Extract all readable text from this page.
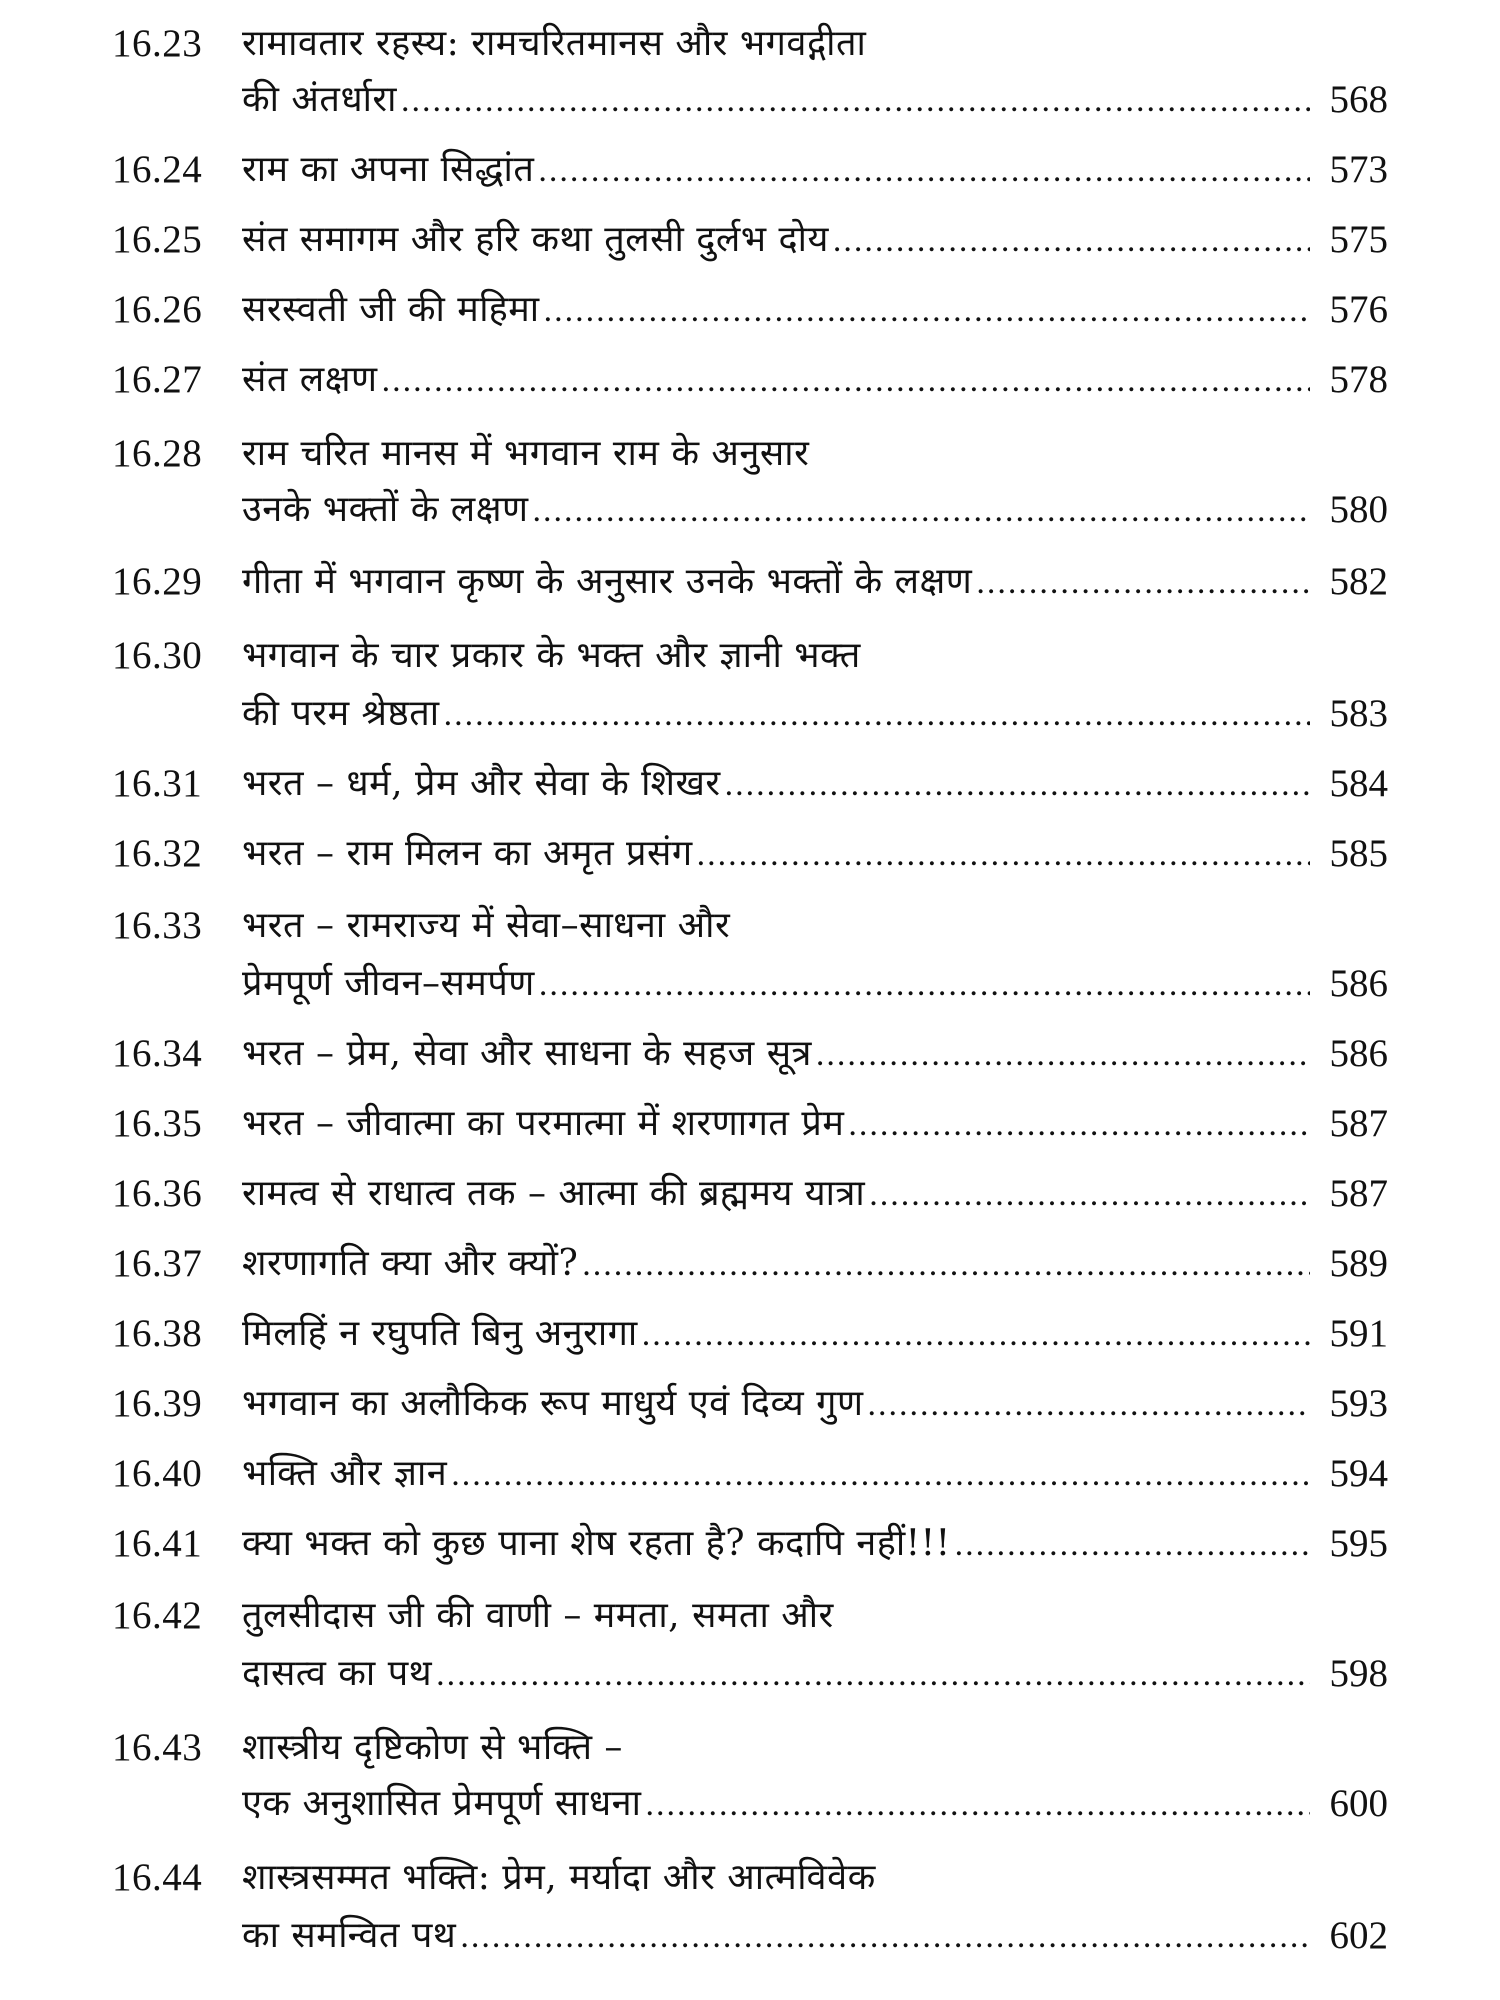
16.23	रामावतार रहस्य: रामचरितमानस और भगवद्गीता
की अंतर्धारा .....	568
16.24	राम का अपना सिद्धांत .....	573
16.25	संत समागम और हरि कथा तुलसी दुर्लभ दोय .....	575
16.26	सरस्वती जी की महिमा .....	576
16.27	संत लक्षण .....	578
16.28	राम चरित मानस में भगवान राम के अनुसार
उनके भक्तों के लक्षण .....	580
16.29	गीता में भगवान कृष्ण के अनुसार उनके भक्तों के लक्षण .....	582
16.30	भगवान के चार प्रकार के भक्त और ज्ञानी भक्त
की परम श्रेष्ठता .....	583
16.31	भरत – धर्म, प्रेम और सेवा के शिखर .....	584
16.32	भरत – राम मिलन का अमृत प्रसंग .....	585
16.33	भरत – रामराज्य में सेवा–साधना और
प्रेमपूर्ण जीवन–समर्पण .....	586
16.34	भरत – प्रेम, सेवा और साधना के सहज सूत्र .....	586
16.35	भरत – जीवात्मा का परमात्मा में शरणागत प्रेम .....	587
16.36	रामत्व से राधात्व तक – आत्मा की ब्रह्ममय यात्रा .....	587
16.37	शरणागति क्या और क्यों? .....	589
16.38	मिलहिं न रघुपति बिनु अनुरागा .....	591
16.39	भगवान का अलौकिक रूप माधुर्य एवं दिव्य गुण .....	593
16.40	भक्ति और ज्ञान .....	594
16.41	क्या भक्त को कुछ पाना शेष रहता है? कदापि नहीं!!! .....	595
16.42	तुलसीदास जी की वाणी – ममता, समता और
दासत्व का पथ .....	598
16.43	शास्त्रीय दृष्टिकोण से भक्ति –
एक अनुशासित प्रेमपूर्ण साधना .....	600
16.44	शास्त्रसम्मत भक्ति: प्रेम, मर्यादा और आत्मविवेक
का समन्वित पथ .....	602
